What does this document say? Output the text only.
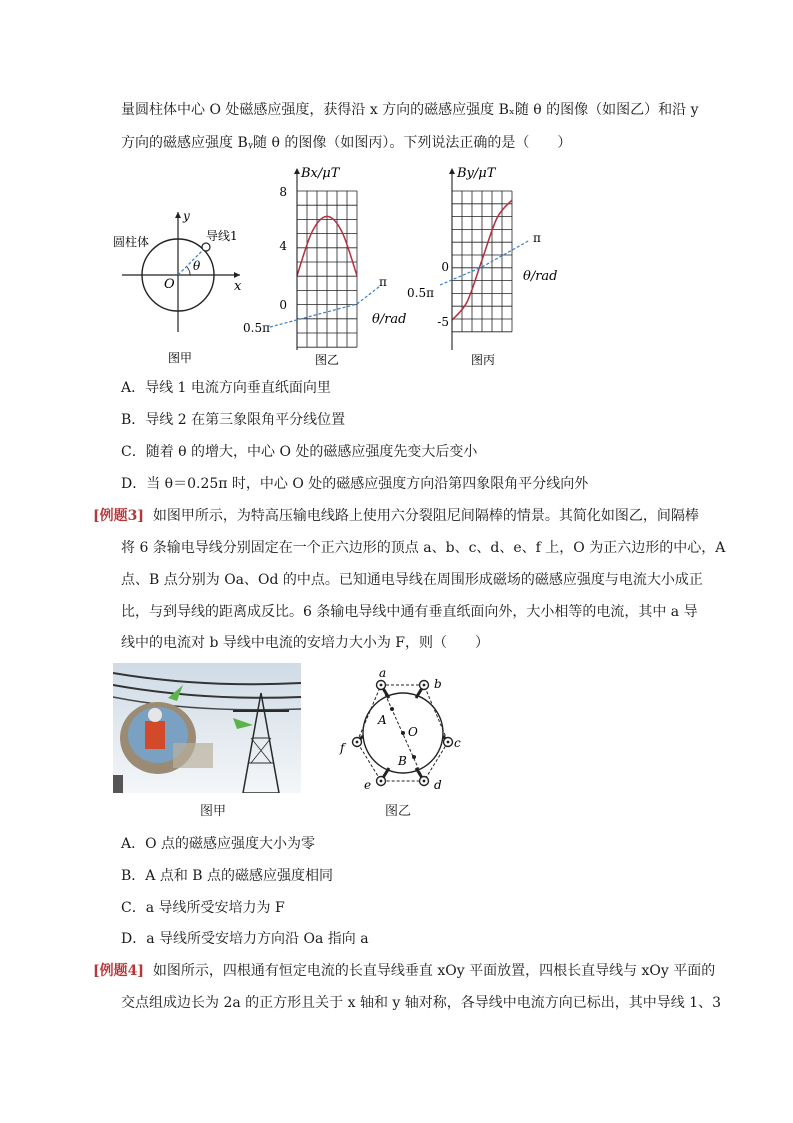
量圆柱体中心 O 处磁感应强度，获得沿 x 方向的磁感应强度 Bₓ随 θ 的图像（如图乙）和沿 y
方向的磁感应强度 Bᵧ随 θ 的图像（如图丙）。下列说法正确的是（　　）
圆柱体	导线1
y
x
O
θ
图甲
Bx/μT
8
4
0
0.5π
π
θ/rad
图乙
By/μT
0
-5
0.5π
π
θ/rad
图丙
A．导线 1 电流方向垂直纸面向里
B．导线 2 在第三象限角平分线位置
C．随着 θ 的增大，中心 O 处的磁感应强度先变大后变小
D．当 θ＝0.25π 时，中心 O 处的磁感应强度方向沿第四象限角平分线向外
[例题3] 如图甲所示，为特高压输电线路上使用六分裂阻尼间隔棒的情景。其简化如图乙，间隔棒
将 6 条输电导线分别固定在一个正六边形的顶点 a、b、c、d、e、f 上，O 为正六边形的中心，A
点、B 点分别为 Oa、Od 的中点。已知通电导线在周围形成磁场的磁感应强度与电流大小成正
比，与到导线的距离成反比。6 条输电导线中通有垂直纸面向外，大小相等的电流，其中 a 导
线中的电流对 b 导线中电流的安培力大小为 F，则（　　）
图甲
a
b
c
d
e
f
A
O
B
图乙
A．O 点的磁感应强度大小为零
B．A 点和 B 点的磁感应强度相同
C．a 导线所受安培力为 F
D．a 导线所受安培力方向沿 Oa 指向 a
[例题4] 如图所示，四根通有恒定电流的长直导线垂直 xOy 平面放置，四根长直导线与 xOy 平面的
交点组成边长为 2a 的正方形且关于 x 轴和 y 轴对称，各导线中电流方向已标出，其中导线 1、3
